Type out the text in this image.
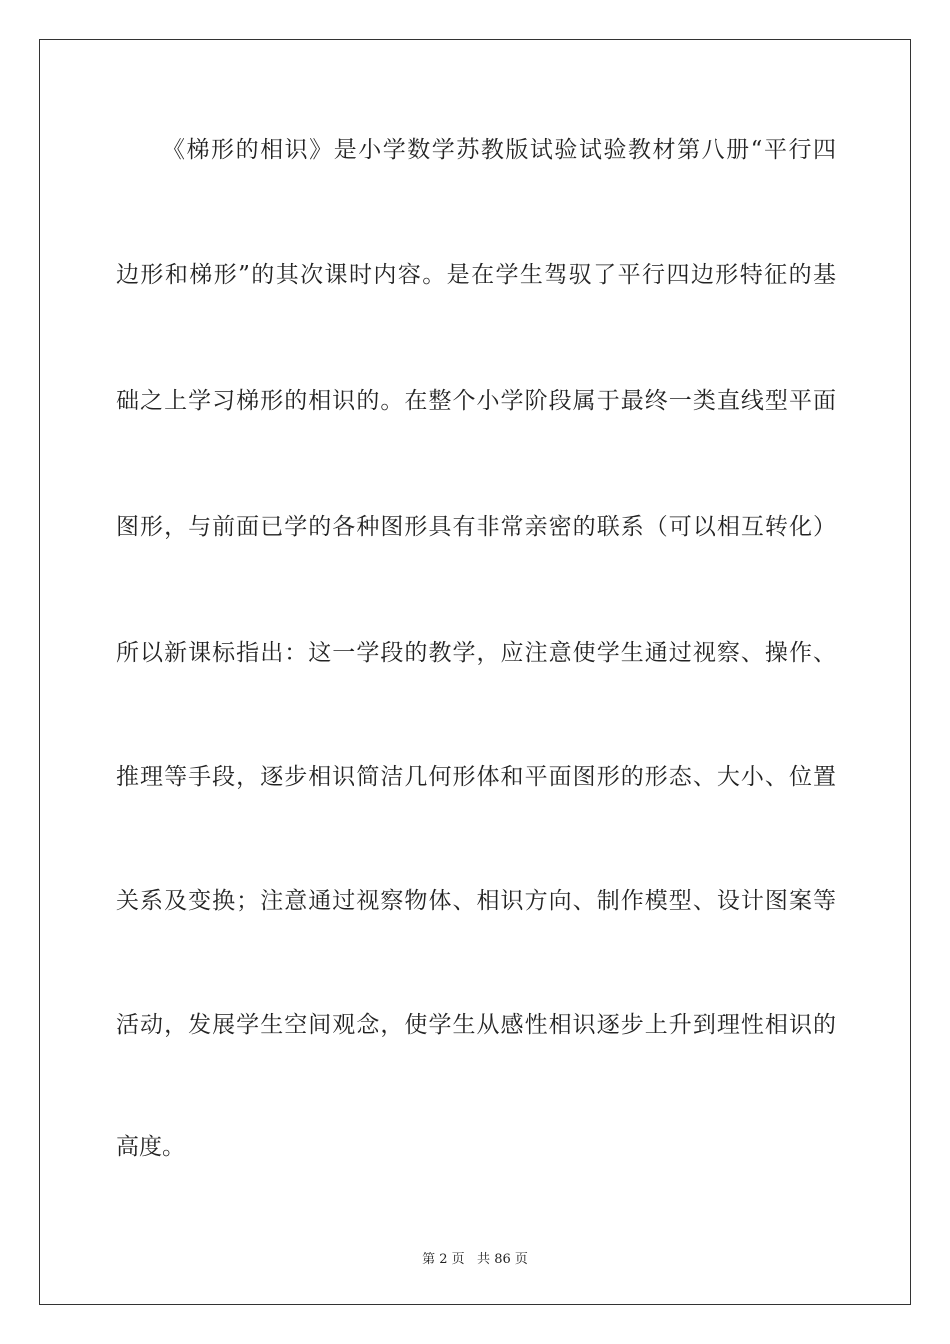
《梯形的相识》是小学数学苏教版试验试验教材第八册“平行四
边形和梯形”的其次课时内容。是在学生驾驭了平行四边形特征的基
础之上学习梯形的相识的。在整个小学阶段属于最终一类直线型平面
图形，与前面已学的各种图形具有非常亲密的联系（可以相互转化）
所以新课标指出：这一学段的教学，应注意使学生通过视察、操作、
推理等手段，逐步相识简洁几何形体和平面图形的形态、大小、位置
关系及变换；注意通过视察物体、相识方向、制作模型、设计图案等
活动，发展学生空间观念，使学生从感性相识逐步上升到理性相识的
高度。
第 2 页   共 86 页
